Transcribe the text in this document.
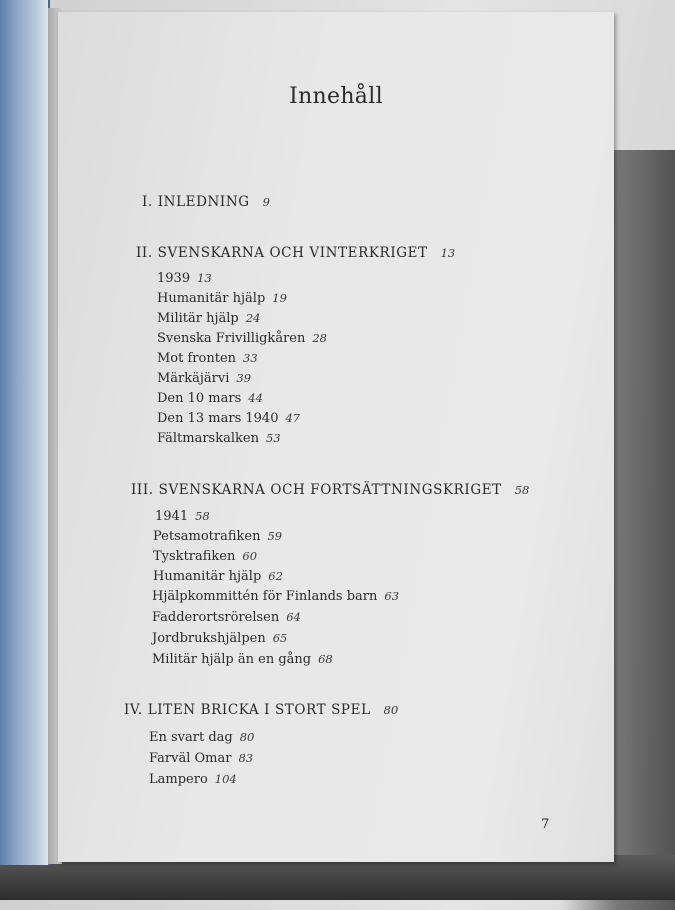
Innehåll
I. INLEDNING 9
II. SVENSKARNA OCH VINTERKRIGET 13
1939 13
Humanitär hjälp 19
Militär hjälp 24
Svenska Frivilligkåren 28
Mot fronten 33
Märkäjärvi 39
Den 10 mars 44
Den 13 mars 1940 47
Fältmarskalken 53
III. SVENSKARNA OCH FORTSÄTTNINGSKRIGET 58
1941 58
Petsamotrafiken 59
Tysktrafiken 60
Humanitär hjälp 62
Hjälpkommittén för Finlands barn 63
Fadderortsrörelsen 64
Jordbrukshjälpen 65
Militär hjälp än en gång 68
IV. LITEN BRICKA I STORT SPEL 80
En svart dag 80
Farväl Omar 83
Lampero 104
7
